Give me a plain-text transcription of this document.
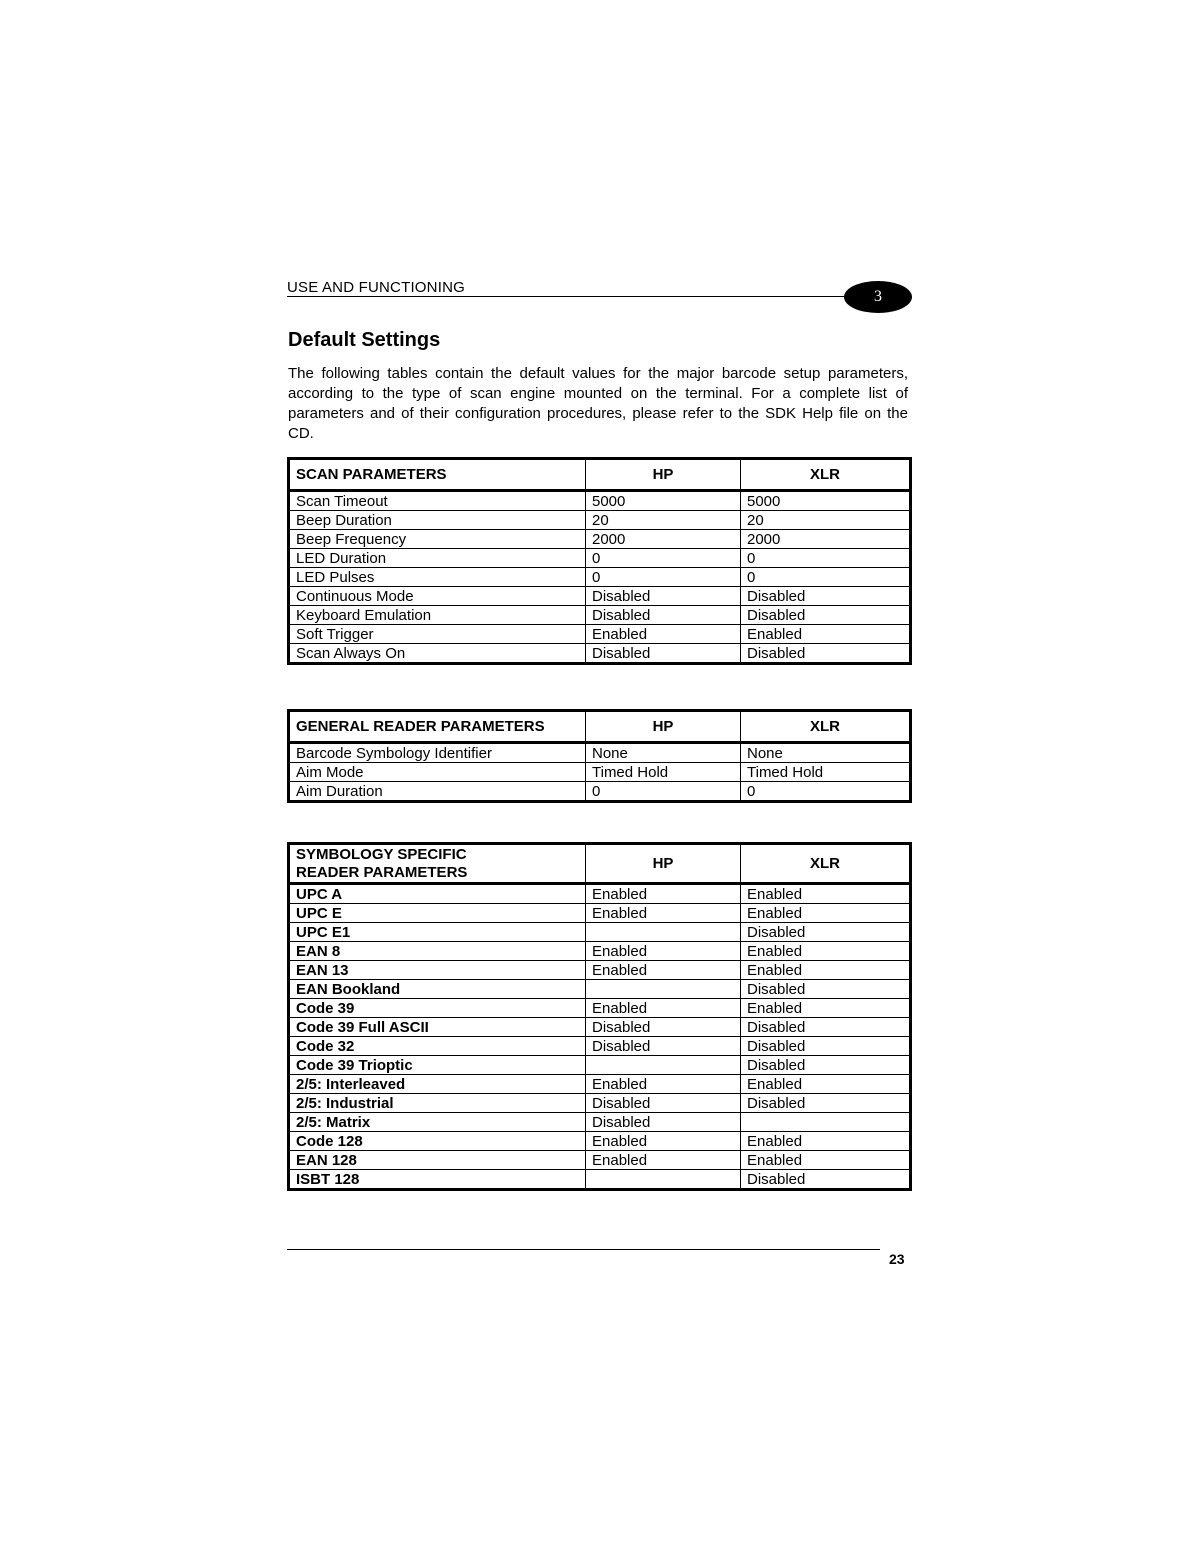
USE AND FUNCTIONING
3
Default Settings

The following tables contain the default values for the major barcode setup parameters, according to the type of scan engine mounted on the terminal. For a complete list of parameters and of their configuration procedures, please refer to the SDK Help file on the CD.

SCAN PARAMETERS	HP	XLR
Scan Timeout	5000	5000
Beep Duration	20	20
Beep Frequency	2000	2000
LED Duration	0	0
LED Pulses	0	0
Continuous Mode	Disabled	Disabled
Keyboard Emulation	Disabled	Disabled
Soft Trigger	Enabled	Enabled
Scan Always On	Disabled	Disabled
GENERAL READER PARAMETERS	HP	XLR
Barcode Symbology Identifier	None	None
Aim Mode	Timed Hold	Timed Hold
Aim Duration	0	0
SYMBOLOGY SPECIFIC
READER PARAMETERS	HP	XLR
UPC A	Enabled	Enabled
UPC E	Enabled	Enabled
UPC E1		Disabled
EAN 8	Enabled	Enabled
EAN 13	Enabled	Enabled
EAN Bookland		Disabled
Code 39	Enabled	Enabled
Code 39 Full ASCII	Disabled	Disabled
Code 32	Disabled	Disabled
Code 39 Trioptic		Disabled
2/5: Interleaved	Enabled	Enabled
2/5: Industrial	Disabled	Disabled
2/5: Matrix	Disabled	
Code 128	Enabled	Enabled
EAN 128	Enabled	Enabled
ISBT 128		Disabled
23
